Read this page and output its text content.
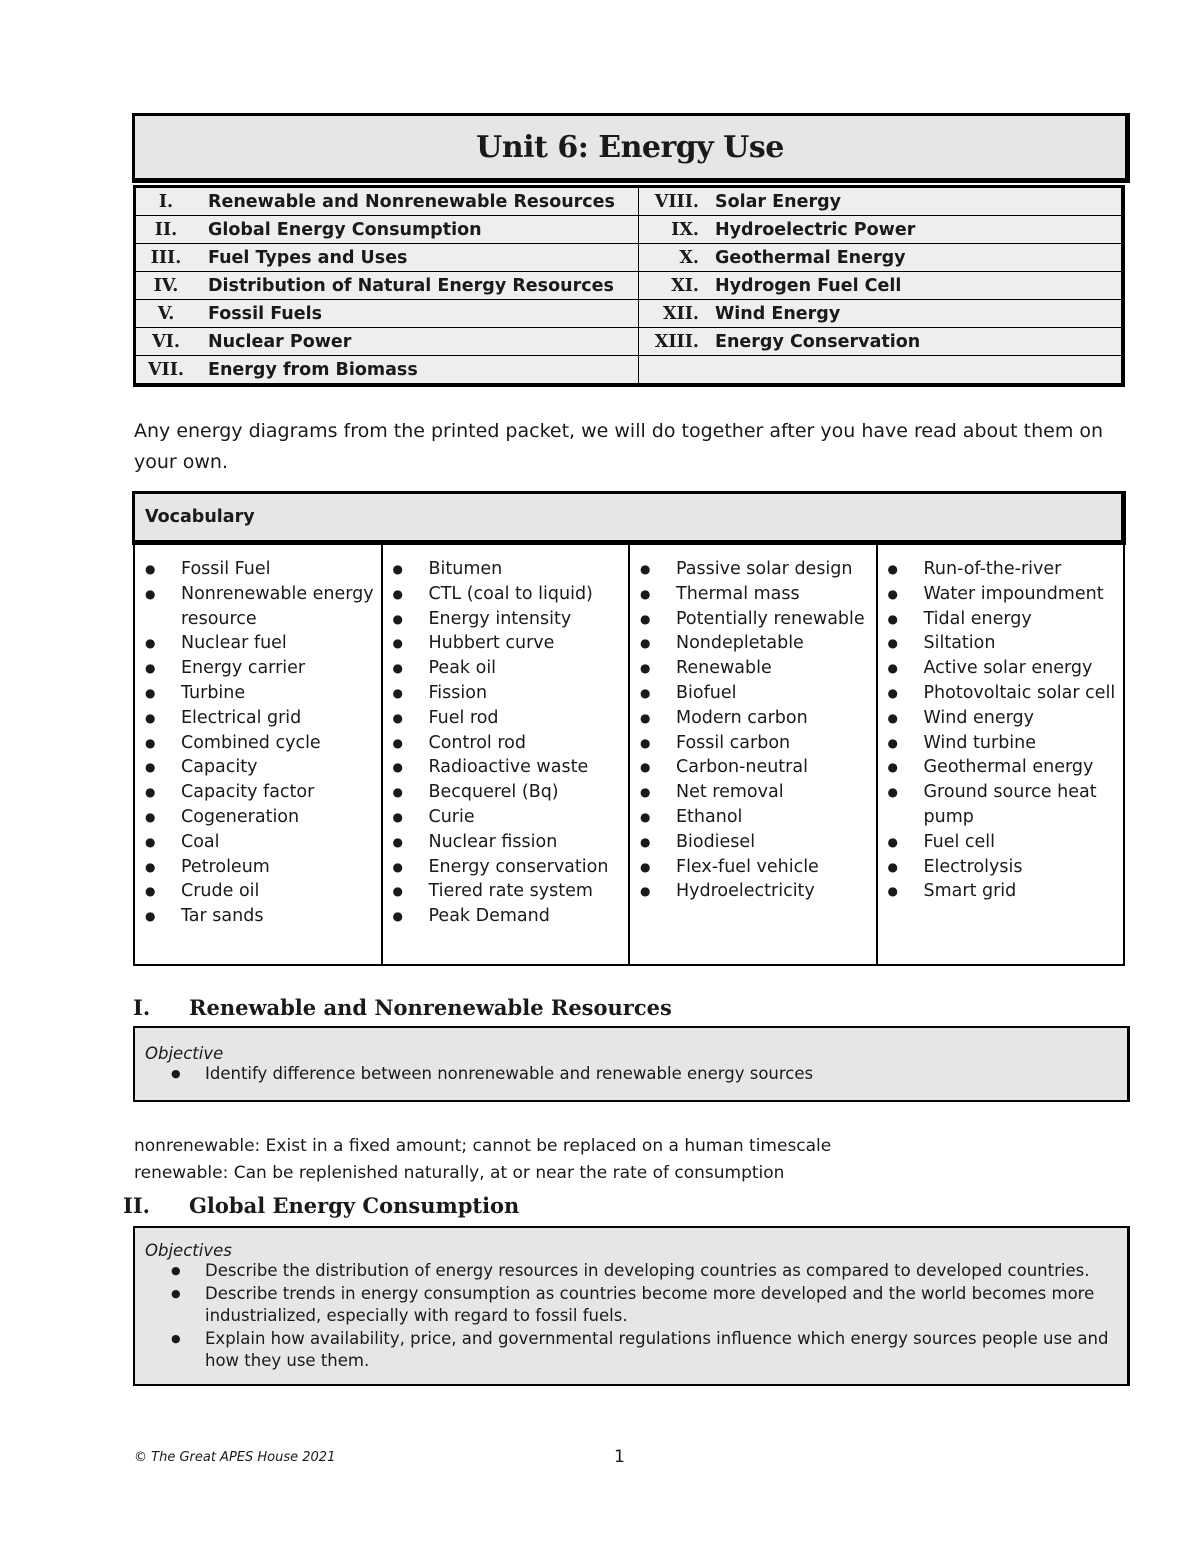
Unit 6: Energy Use
I.	Renewable and Nonrenewable Resources	VIII.	Solar Energy
II.	Global Energy Consumption	IX.	Hydroelectric Power
III.	Fuel Types and Uses	X.	Geothermal Energy
IV.	Distribution of Natural Energy Resources	XI.	Hydrogen Fuel Cell
V.	Fossil Fuels	XII.	Wind Energy
VI.	Nuclear Power	XIII.	Energy Conservation
VII.	Energy from Biomass		
Any energy diagrams from the printed packet, we will do together after you have read about them on your own.
Vocabulary
● Fossil Fuel
● Nonrenewable energy resource
● Nuclear fuel
● Energy carrier
● Turbine
● Electrical grid
● Combined cycle
● Capacity
● Capacity factor
● Cogeneration
● Coal
● Petroleum
● Crude oil
● Tar sands
● Bitumen
● CTL (coal to liquid)
● Energy intensity
● Hubbert curve
● Peak oil
● Fission
● Fuel rod
● Control rod
● Radioactive waste
● Becquerel (Bq)
● Curie
● Nuclear fission
● Energy conservation
● Tiered rate system
● Peak Demand
● Passive solar design
● Thermal mass
● Potentially renewable
● Nondepletable
● Renewable
● Biofuel
● Modern carbon
● Fossil carbon
● Carbon-neutral
● Net removal
● Ethanol
● Biodiesel
● Flex-fuel vehicle
● Hydroelectricity
● Run-of-the-river
● Water impoundment
● Tidal energy
● Siltation
● Active solar energy
● Photovoltaic solar cell
● Wind energy
● Wind turbine
● Geothermal energy
● Ground source heat pump
● Fuel cell
● Electrolysis
● Smart grid
I. Renewable and Nonrenewable Resources
Objective
● Identify difference between nonrenewable and renewable energy sources
nonrenewable: Exist in a fixed amount; cannot be replaced on a human timescale
renewable: Can be replenished naturally, at or near the rate of consumption
II. Global Energy Consumption
Objectives
● Describe the distribution of energy resources in developing countries as compared to developed countries.
● Describe trends in energy consumption as countries become more developed and the world becomes more industrialized, especially with regard to fossil fuels.
● Explain how availability, price, and governmental regulations influence which energy sources people use and how they use them.
© The Great APES House 2021	1
